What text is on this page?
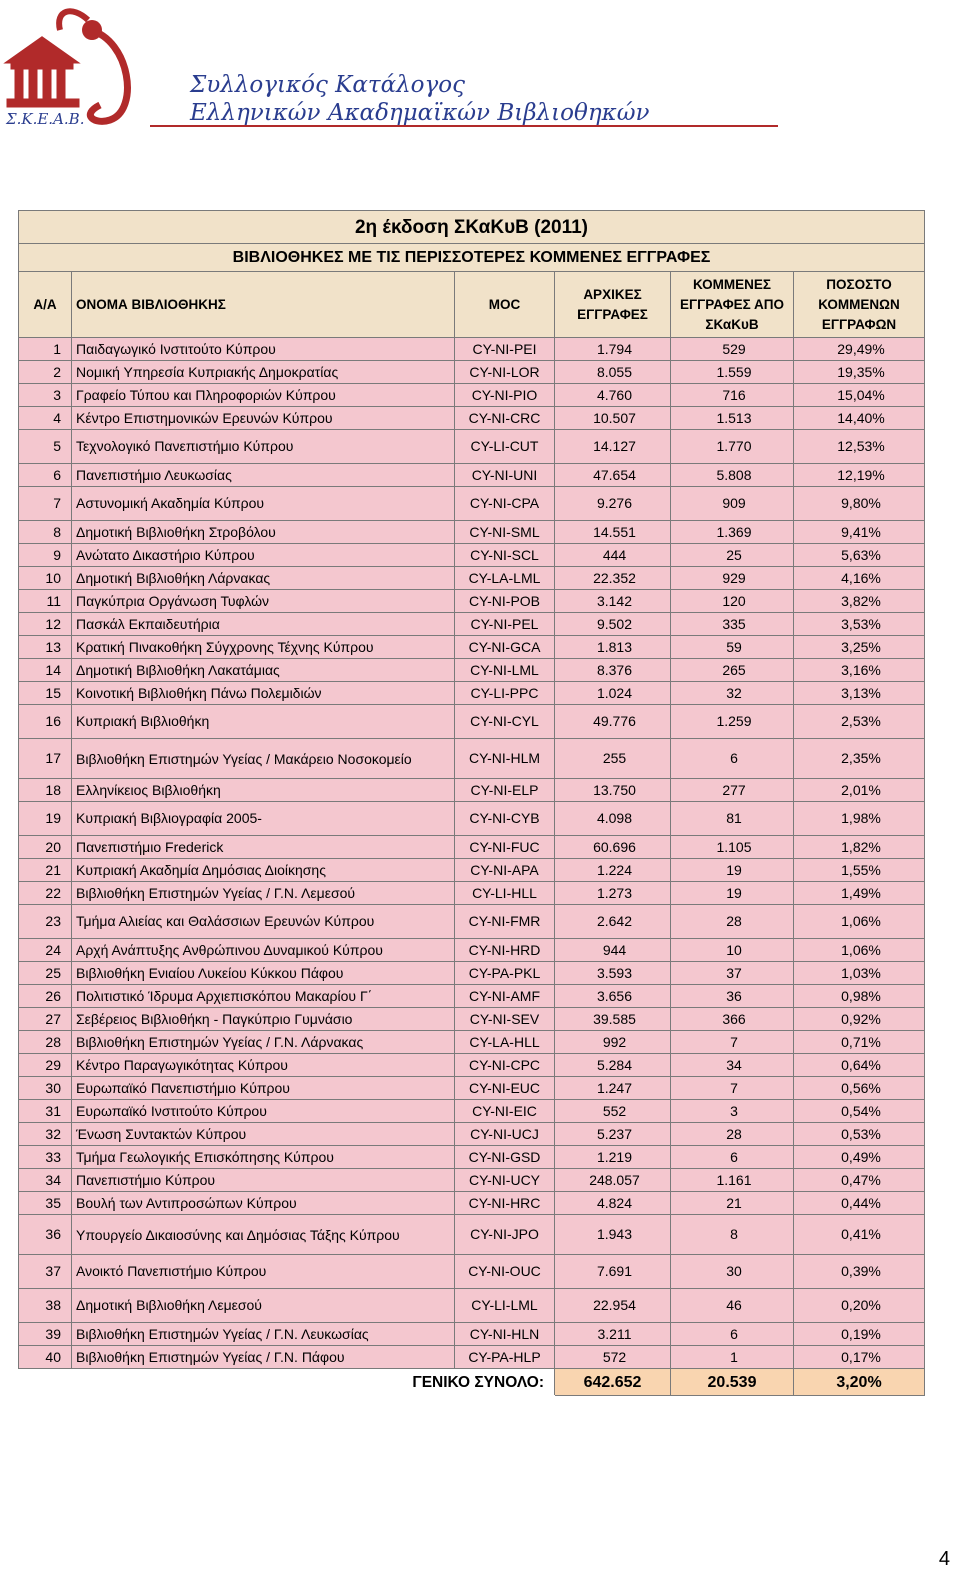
Σ.Κ.Ε.Α.Β.
Συλλογικός Κατάλογος
Ελληνικών Ακαδημαϊκών Βιβλιοθηκών
2η έκδοση ΣΚαΚυΒ (2011)					
ΒΙΒΛΙΟΘΗΚΕΣ ΜΕ ΤΙΣ ΠΕΡΙΣΣΟΤΕΡΕΣ ΚΟΜΜΕΝΕΣ ΕΓΓΡΑΦΕΣ					
Α/Α	ΟΝΟΜΑ ΒΙΒΛΙΟΘΗΚΗΣ	ΜΟC	ΑΡΧΙΚΕΣ ΕΓΓΡΑΦΕΣ	ΚΟΜΜΕΝΕΣ ΕΓΓΡΑΦΕΣ ΑΠΟ ΣΚαΚυΒ	ΠΟΣΟΣΤΟ ΚΟΜΜΕΝΩΝ ΕΓΓΡΑΦΩΝ
1	Παιδαγωγικό Ινστιτούτο Κύπρου	CY-NI-PEI	1.794	529	29,49%
2	Νομική Υπηρεσία Κυπριακής Δημοκρατίας	CY-NI-LOR	8.055	1.559	19,35%
3	Γραφείο Τύπου και Πληροφοριών Κύπρου	CY-NI-PIO	4.760	716	15,04%
4	Κέντρο Επιστημονικών Ερευνών Κύπρου	CY-NI-CRC	10.507	1.513	14,40%
5	Τεχνολογικό Πανεπιστήμιο Κύπρου	CY-LI-CUT	14.127	1.770	12,53%
6	Πανεπιστήμιο Λευκωσίας	CY-NI-UNI	47.654	5.808	12,19%
7	Αστυνομική Ακαδημία Κύπρου	CY-NI-CPA	9.276	909	9,80%
8	Δημοτική Βιβλιοθήκη Στροβόλου	CY-NI-SML	14.551	1.369	9,41%
9	Ανώτατο Δικαστήριο Κύπρου	CY-NI-SCL	444	25	5,63%
10	Δημοτική Βιβλιοθήκη Λάρνακας	CY-LA-LML	22.352	929	4,16%
11	Παγκύπρια Οργάνωση Τυφλών	CY-NI-POB	3.142	120	3,82%
12	Πασκάλ Εκπαιδευτήρια	CY-NI-PEL	9.502	335	3,53%
13	Κρατική Πινακοθήκη Σύγχρονης Τέχνης Κύπρου	CY-NI-GCA	1.813	59	3,25%
14	Δημοτική Βιβλιοθήκη Λακατάμιας	CY-NI-LML	8.376	265	3,16%
15	Κοινοτική Βιβλιοθήκη Πάνω Πολεμιδιών	CY-LI-PPC	1.024	32	3,13%
16	Κυπριακή Βιβλιοθήκη	CY-NI-CYL	49.776	1.259	2,53%
17	Βιβλιοθήκη Επιστημών Υγείας / Μακάρειο Νοσοκομείο	CY-NI-HLM	255	6	2,35%
18	Ελληνίκειος Βιβλιοθήκη	CY-NI-ELP	13.750	277	2,01%
19	Κυπριακή Βιβλιογραφία 2005-	CY-NI-CYB	4.098	81	1,98%
20	Πανεπιστήμιο Frederick	CY-NI-FUC	60.696	1.105	1,82%
21	Κυπριακή Ακαδημία Δημόσιας Διοίκησης	CY-NI-APA	1.224	19	1,55%
22	Βιβλιοθήκη Επιστημών Υγείας / Γ.Ν. Λεμεσού	CY-LI-HLL	1.273	19	1,49%
23	Τμήμα Αλιείας και Θαλάσσιων Ερευνών Κύπρου	CY-NI-FMR	2.642	28	1,06%
24	Αρχή Ανάπτυξης Ανθρώπινου Δυναμικού Κύπρου	CY-NI-HRD	944	10	1,06%
25	Βιβλιοθήκη Ενιαίου Λυκείου Κύκκου Πάφου	CY-PA-PKL	3.593	37	1,03%
26	Πολιτιστικό Ίδρυμα Αρχιεπισκόπου Μακαρίου Γ΄	CY-NI-AMF	3.656	36	0,98%
27	Σεβέρειος Βιβλιοθήκη - Παγκύπριο Γυμνάσιο	CY-NI-SEV	39.585	366	0,92%
28	Βιβλιοθήκη Επιστημών Υγείας / Γ.Ν. Λάρνακας	CY-LA-HLL	992	7	0,71%
29	Κέντρο Παραγωγικότητας Κύπρου	CY-NI-CPC	5.284	34	0,64%
30	Ευρωπαϊκό Πανεπιστήμιο Κύπρου	CY-NI-EUC	1.247	7	0,56%
31	Ευρωπαϊκό Ινστιτούτο Κύπρου	CY-NI-EIC	552	3	0,54%
32	Ένωση Συντακτών Κύπρου	CY-NI-UCJ	5.237	28	0,53%
33	Τμήμα Γεωλογικής Επισκόπησης Κύπρου	CY-NI-GSD	1.219	6	0,49%
34	Πανεπιστήμιο Κύπρου	CY-NI-UCY	248.057	1.161	0,47%
35	Βουλή των Αντιπροσώπων Κύπρου	CY-NI-HRC	4.824	21	0,44%
36	Υπουργείο Δικαιοσύνης και Δημόσιας Τάξης Κύπρου	CY-NI-JPO	1.943	8	0,41%
37	Ανοικτό Πανεπιστήμιο Κύπρου	CY-NI-OUC	7.691	30	0,39%
38	Δημοτική Βιβλιοθήκη Λεμεσού	CY-LI-LML	22.954	46	0,20%
39	Βιβλιοθήκη Επιστημών Υγείας / Γ.Ν. Λευκωσίας	CY-NI-HLN	3.211	6	0,19%
40	Βιβλιοθήκη Επιστημών Υγείας / Γ.Ν. Πάφου	CY-PA-HLP	572	1	0,17%
ΓΕΝΙΚΟ ΣΥΝΟΛΟ:			642.652	20.539	3,20%
4
